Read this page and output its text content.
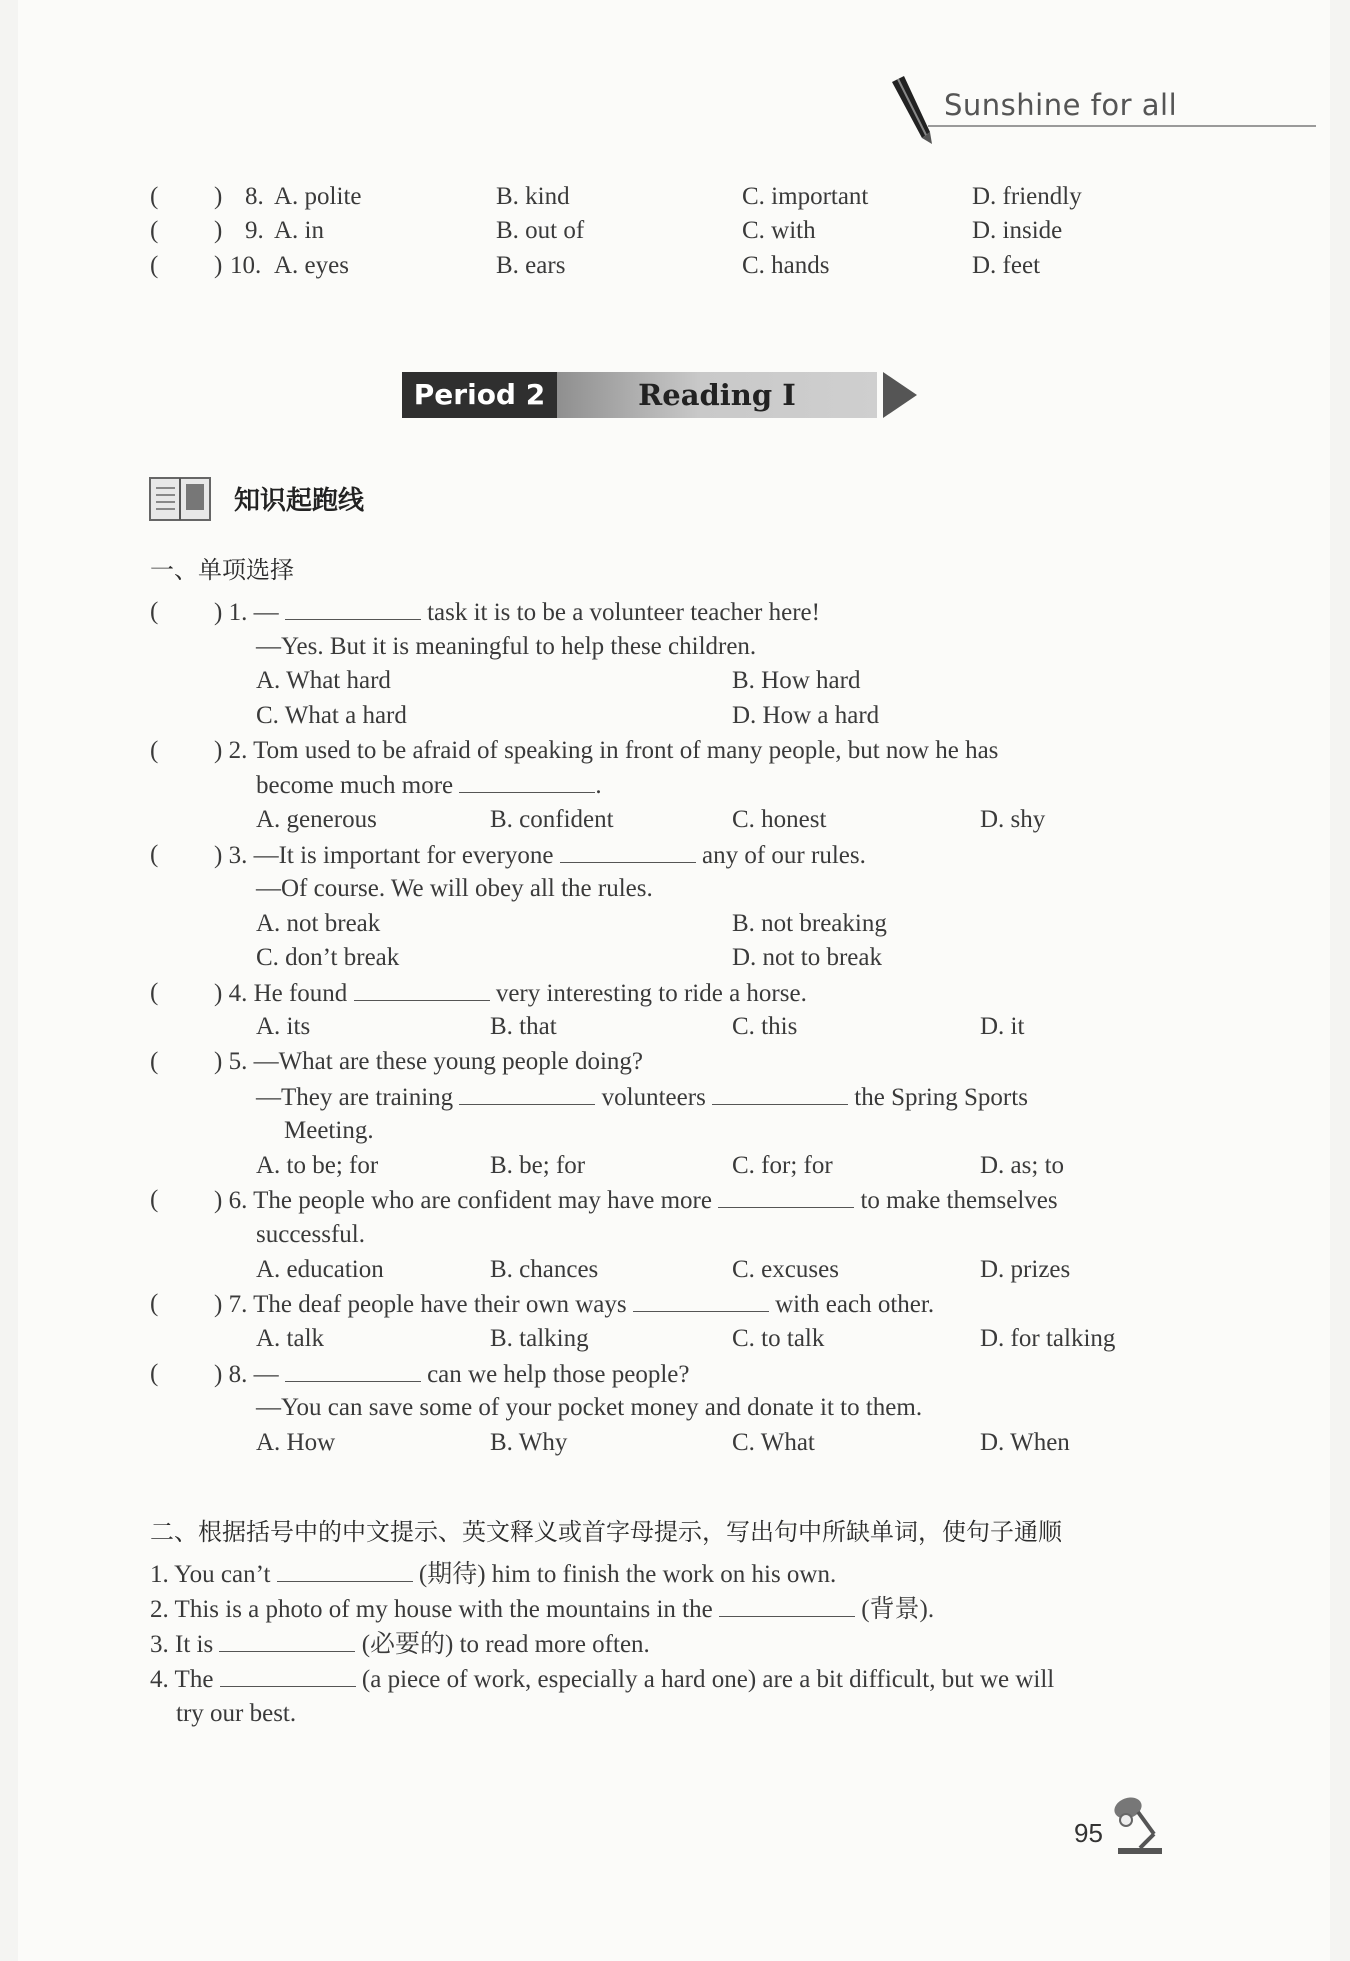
Sunshine for all
( ) 8. A. polite	B. kind	C. important	D. friendly
( ) 9. A. in	B. out of	C. with	D. inside
( ) 10. A. eyes	B. ears	C. hands	D. feet
Period 2	Reading I
知识起跑线
一、单项选择
( ) 1. —	task it is to be a volunteer teacher here!
—Yes. But it is meaningful to help these children.
A. What hard	B. How hard
C. What a hard	D. How a hard
( ) 2. Tom used to be afraid of speaking in front of many people, but now he has
become much more	.
A. generous	B. confident	C. honest	D. shy
( ) 3. —It is important for everyone	any of our rules.
—Of course. We will obey all the rules.
A. not break	B. not breaking
C. don’t break	D. not to break
( ) 4. He found	very interesting to ride a horse.
A. its	B. that	C. this	D. it
( ) 5. —What are these young people doing?
—They are training	volunteers	the Spring Sports
Meeting.
A. to be; for	B. be; for	C. for; for	D. as; to
( ) 6. The people who are confident may have more	to make themselves
successful.
A. education	B. chances	C. excuses	D. prizes
( ) 7. The deaf people have their own ways	with each other.
A. talk	B. talking	C. to talk	D. for talking
( ) 8. —	can we help those people?
—You can save some of your pocket money and donate it to them.
A. How	B. Why	C. What	D. When
二、根据括号中的中文提示、英文释义或首字母提示，写出句中所缺单词，使句子通顺
1. You can’t	(期待) him to finish the work on his own.
2. This is a photo of my house with the mountains in the	(背景).
3. It is	(必要的) to read more often.
4. The	(a piece of work, especially a hard one) are a bit difficult, but we will
try our best.
95
